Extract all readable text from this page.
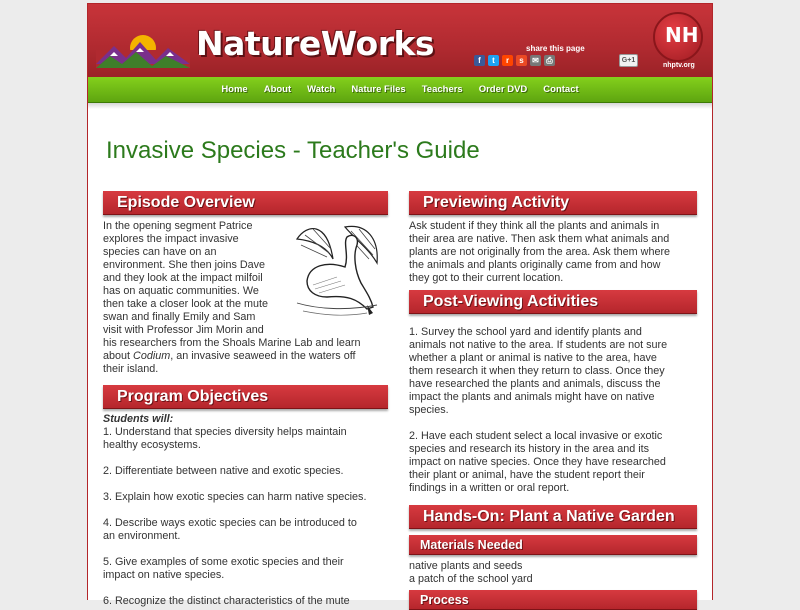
NatureWorks	share this page
f	t	r	s	✉ ⎙	G+1
NH
nhptv.org
Home	About	Watch	Nature Files	Teachers	Order DVD	Contact
Invasive Species - Teacher's Guide
Episode Overview
In the opening segment Patrice
explores the impact invasive
species can have on an
environment. She then joins Dave
and they look at the impact milfoil
has on aquatic communities. We
then take a closer look at the mute
swan and finally Emily and Sam
visit with Professor Jim Morin and
his researchers from the Shoals Marine Lab and learn
about Codium, an invasive seaweed in the waters off
their island.
Program Objectives
Students will:
1. Understand that species diversity helps maintain
healthy ecosystems.
2. Differentiate between native and exotic species.
3. Explain how exotic species can harm native species.
4. Describe ways exotic species can be introduced to
an environment.
5. Give examples of some exotic species and their
impact on native species.
6. Recognize the distinct characteristics of the mute
Previewing Activity
Ask student if they think all the plants and animals in
their area are native. Then ask them what animals and
plants are not originally from the area. Ask them where
the animals and plants originally came from and how
they got to their current location.
Post-Viewing Activities
1. Survey the school yard and identify plants and
animals not native to the area. If students are not sure
whether a plant or animal is native to the area, have
them research it when they return to class. Once they
have researched the plants and animals, discuss the
impact the plants and animals might have on native
species.
2. Have each student select a local invasive or exotic
species and research its history in the area and its
impact on native species. Once they have researched
their plant or animal, have the student report their
findings in a written or oral report.
Hands-On: Plant a Native Garden
Materials Needed
native plants and seeds
a patch of the school yard
Process
